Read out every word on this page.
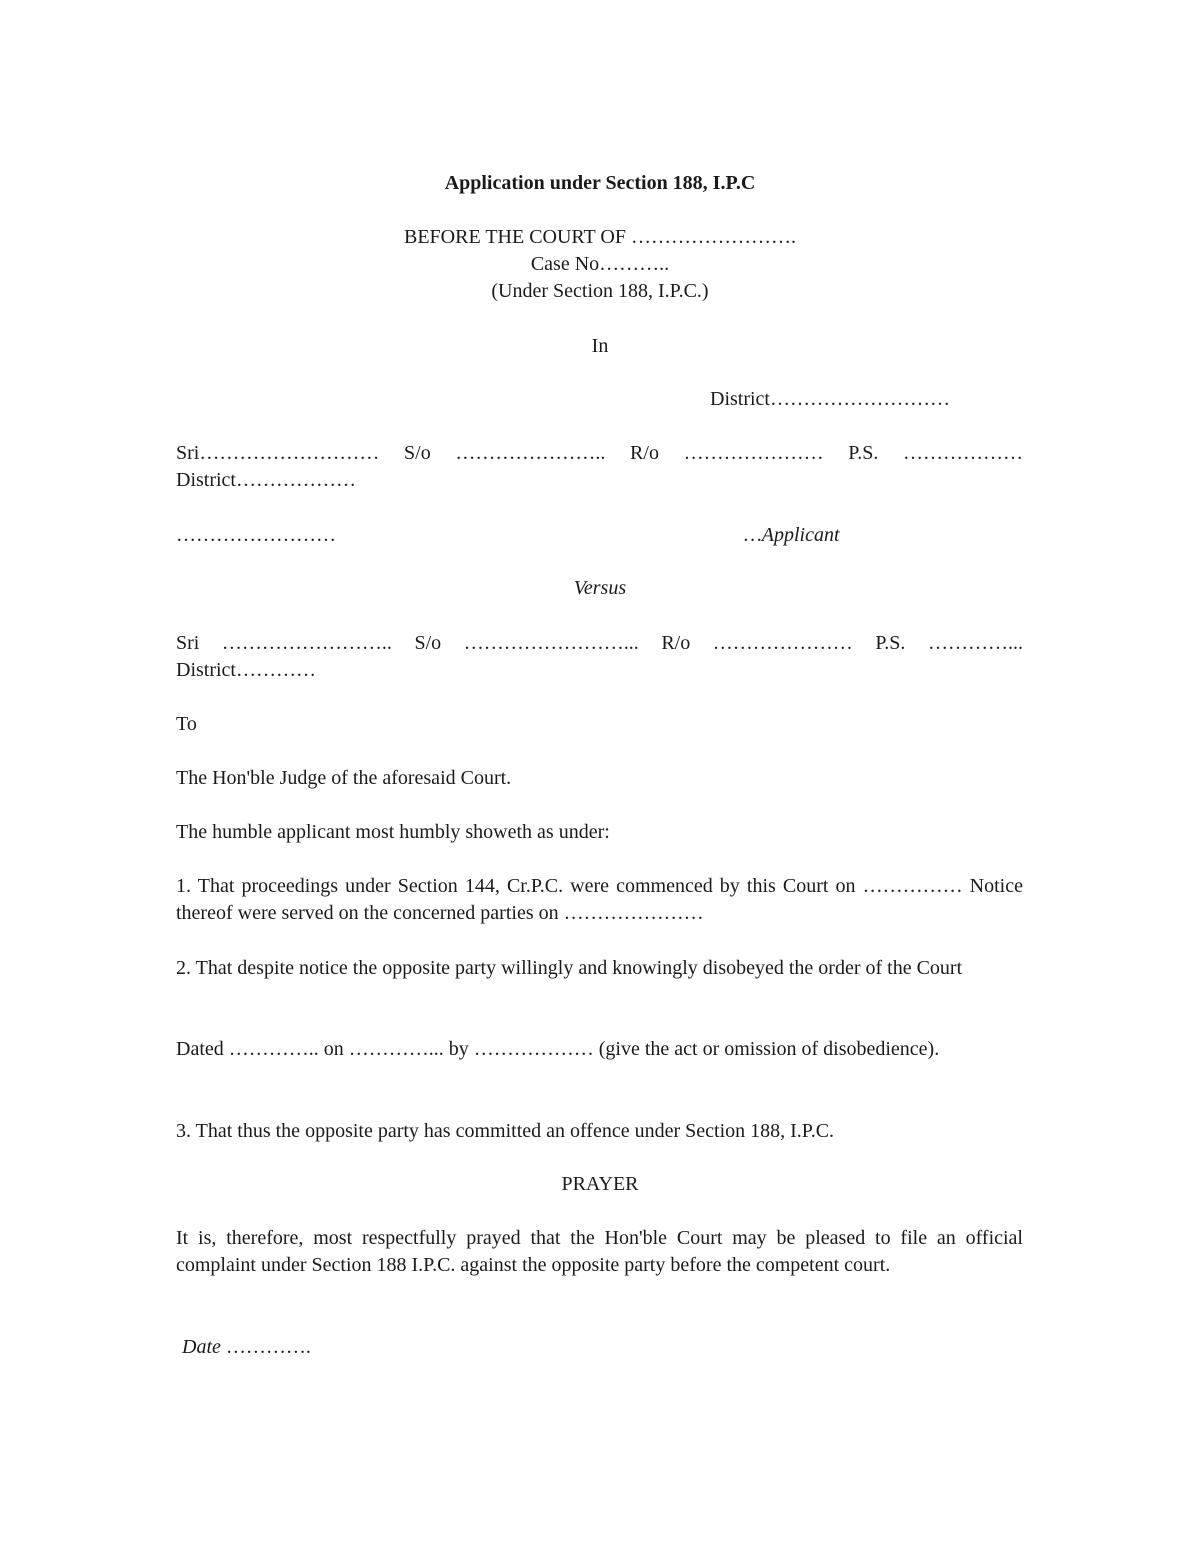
Application under Section 188, I.P.C
BEFORE THE COURT OF …………………….
Case No………..
(Under Section 188, I.P.C.)
In
District………………………
Sri……………………… S/o ………………….. R/o ………………… P.S. ………………
District………………
……………………	…Applicant
Versus
Sri …………………….. S/o ……………………... R/o ………………… P.S. …………...
District…………
To
The Hon'ble Judge of the aforesaid Court.
The humble applicant most humbly showeth as under:
1. That proceedings under Section 144, Cr.P.C. were commenced by this Court on …………… Notice thereof were served on the concerned parties on …………………
2. That despite notice the opposite party willingly and knowingly disobeyed the order of the Court
Dated ………….. on …………... by ……………… (give the act or omission of disobedience).
3. That thus the opposite party has committed an offence under Section 188, I.P.C.
PRAYER
It is, therefore, most respectfully prayed that the Hon'ble Court may be pleased to file an official complaint under Section 188 I.P.C. against the opposite party before the competent court.
Date ………….
